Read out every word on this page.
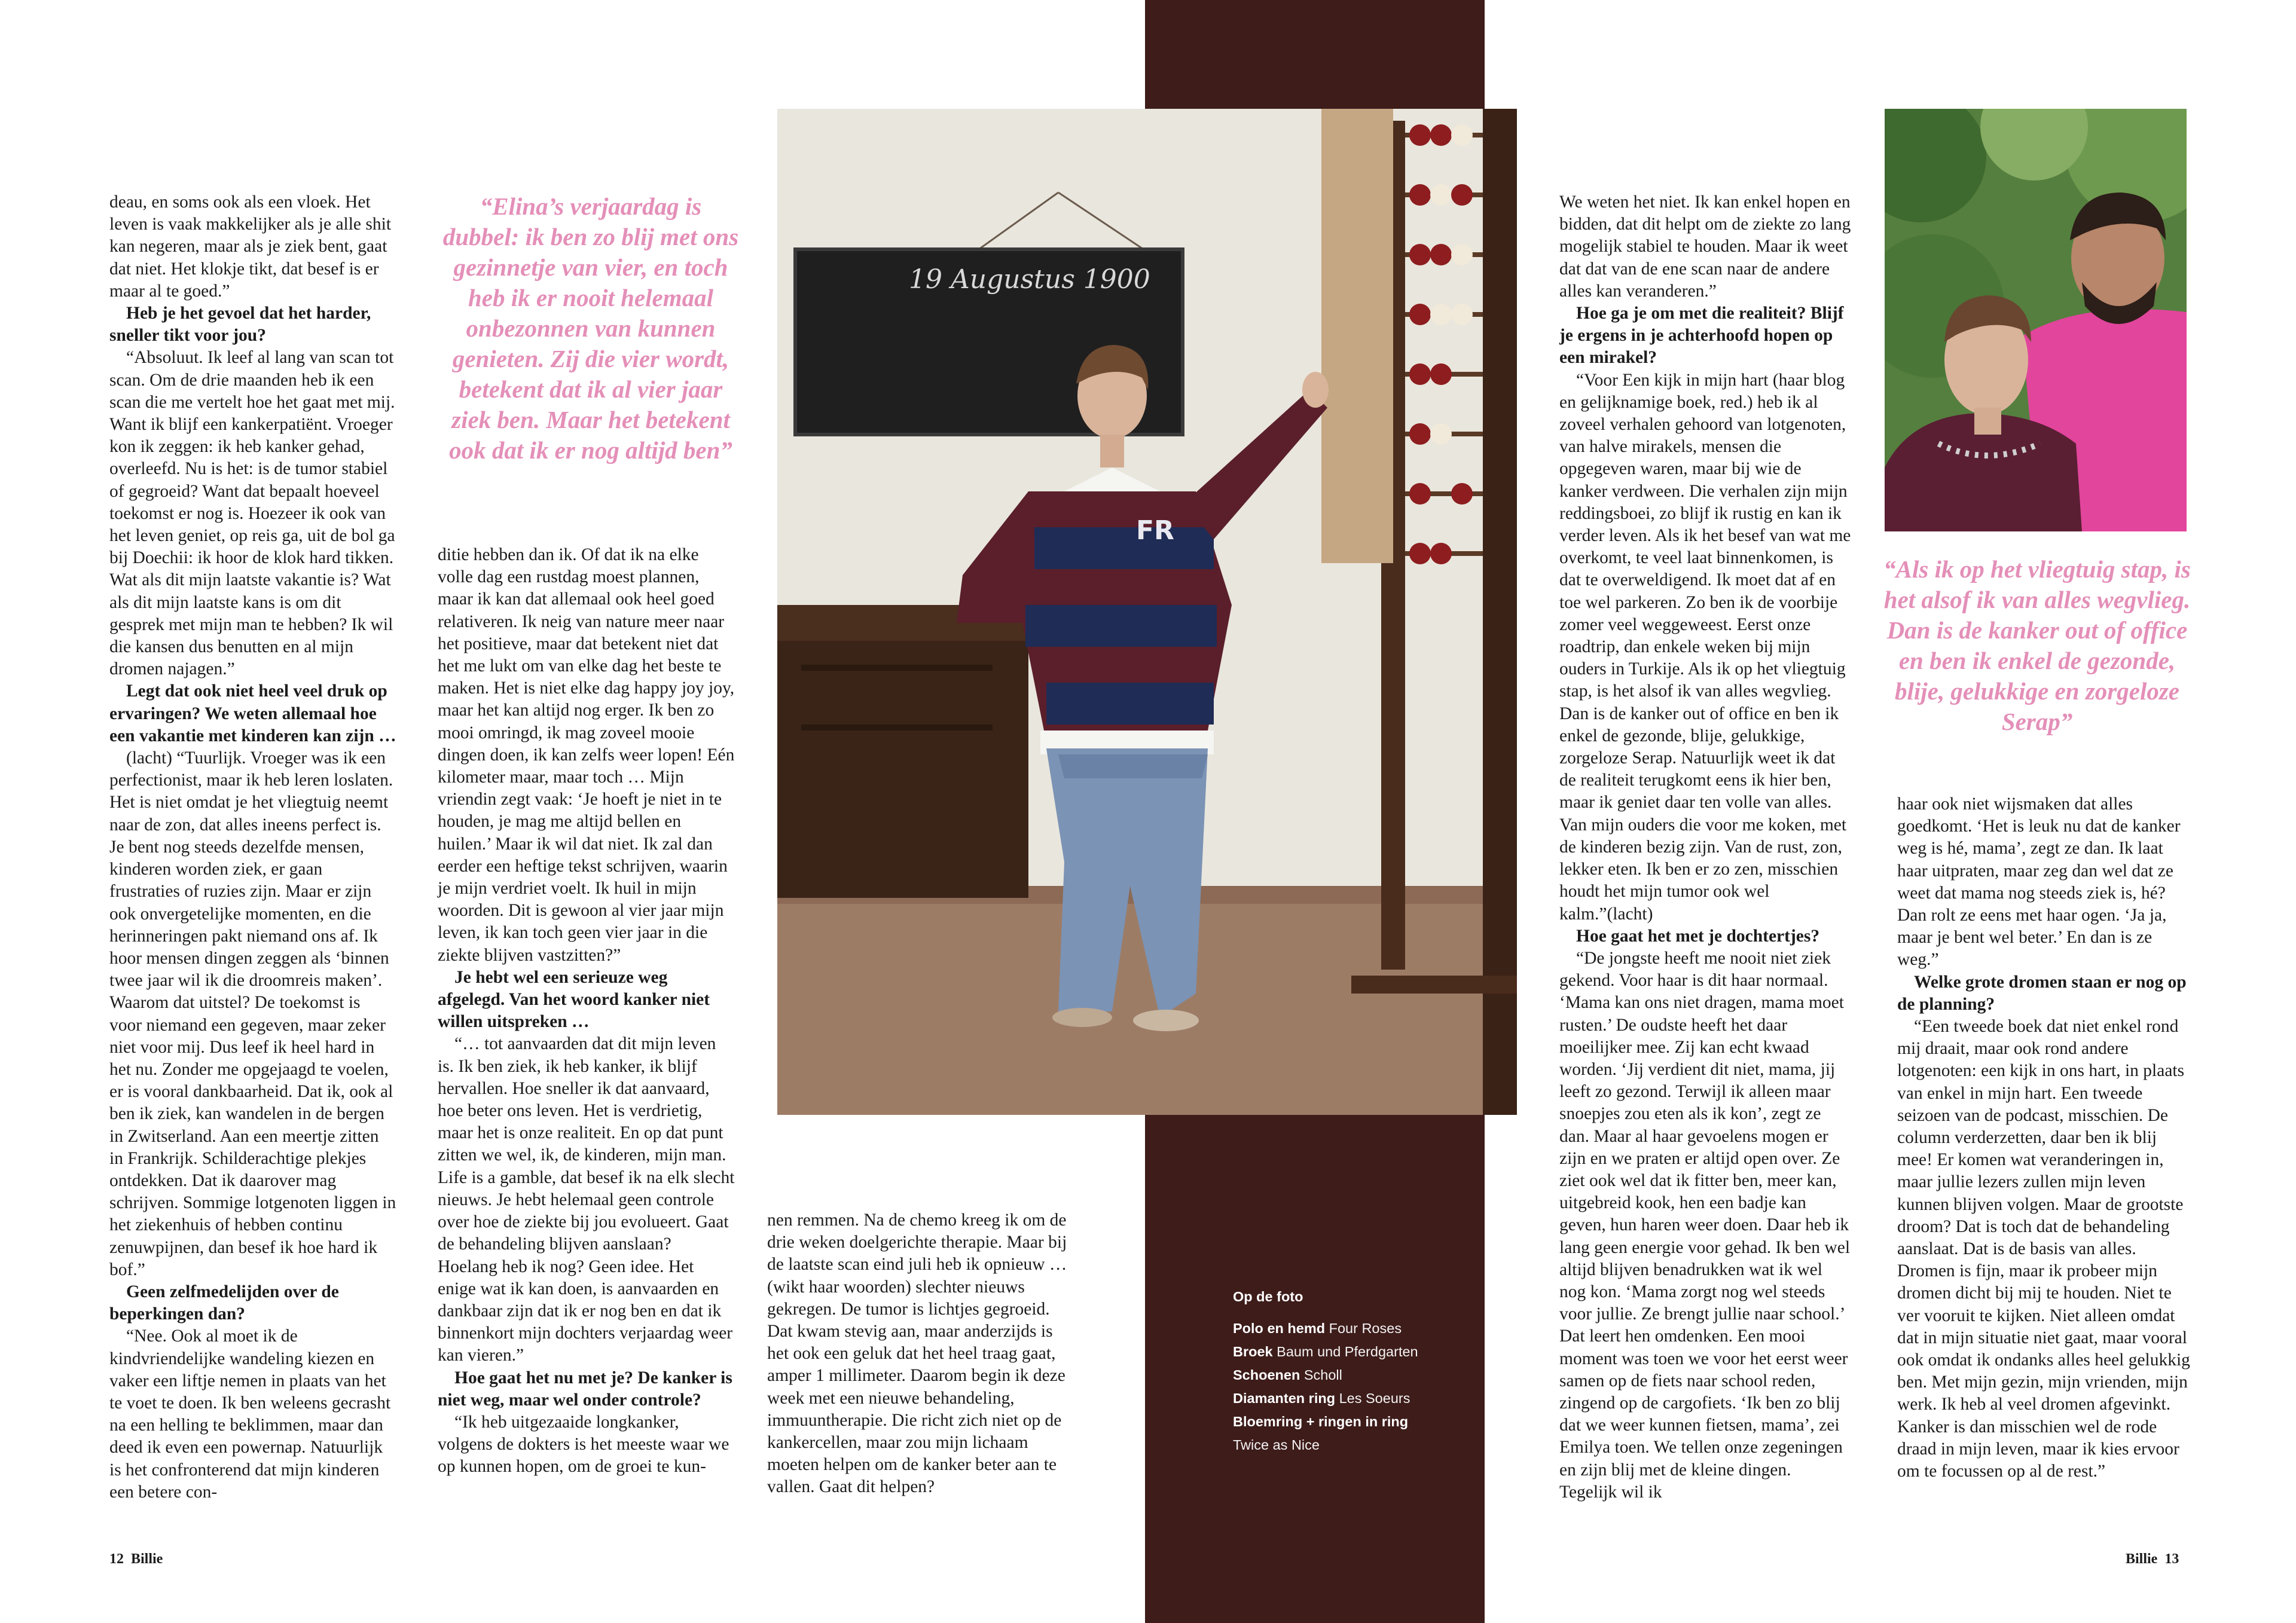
deau, en soms ook als een vloek. Het leven is vaak makkelijker als je alle shit kan negeren, maar als je ziek bent, gaat dat niet. Het klokje tikt, dat besef is er maar al te goed.”

Heb je het gevoel dat het harder, sneller tikt voor jou?

“Absoluut. Ik leef al lang van scan tot scan. Om de drie maanden heb ik een scan die me vertelt hoe het gaat met mij. Want ik blijf een kankerpatiënt. Vroeger kon ik zeggen: ik heb kanker gehad, overleefd. Nu is het: is de tumor stabiel of gegroeid? Want dat bepaalt hoeveel toekomst er nog is. Hoezeer ik ook van het leven geniet, op reis ga, uit de bol ga bij Doechii: ik hoor de klok hard tikken. Wat als dit mijn laatste vakantie is? Wat als dit mijn laatste kans is om dit gesprek met mijn man te hebben? Ik wil die kansen dus benutten en al mijn dromen najagen.”

Legt dat ook niet heel veel druk op ervaringen? We weten allemaal hoe een vakantie met kinderen kan zijn …

(lacht) “Tuurlijk. Vroeger was ik een perfectionist, maar ik heb leren loslaten. Het is niet omdat je het vliegtuig neemt naar de zon, dat alles ineens perfect is. Je bent nog steeds dezelfde mensen, kinderen worden ziek, er gaan frustraties of ruzies zijn. Maar er zijn ook onvergetelijke momenten, en die herinneringen pakt niemand ons af. Ik hoor mensen dingen zeggen als ‘binnen twee jaar wil ik die droomreis maken’. Waarom dat uitstel? De toekomst is voor niemand een gegeven, maar zeker niet voor mij. Dus leef ik heel hard in het nu. Zonder me opgejaagd te voelen, er is vooral dankbaarheid. Dat ik, ook al ben ik ziek, kan wandelen in de bergen in Zwitserland. Aan een meertje zitten in Frankrijk. Schilderachtige plekjes ontdekken. Dat ik daarover mag schrijven. Sommige lotgenoten liggen in het ziekenhuis of hebben continu zenuwpijnen, dan besef ik hoe hard ik bof.”

Geen zelfmedelijden over de beperkingen dan?

“Nee. Ook al moet ik de kindvriendelijke wandeling kiezen en vaker een liftje nemen in plaats van het te voet te doen. Ik ben weleens gecrasht na een helling te beklimmen, maar dan deed ik even een powernap. Natuurlijk is het confronterend dat mijn kinderen een betere con-

“Elina’s verjaardag is dubbel: ik ben zo blij met ons gezinnetje van vier, en toch heb ik er nooit helemaal onbezonnen van kunnen genieten. Zij die vier wordt, betekent dat ik al vier jaar ziek ben. Maar het betekent ook dat ik er nog altijd ben”

ditie hebben dan ik. Of dat ik na elke volle dag een rustdag moest plannen, maar ik kan dat allemaal ook heel goed relativeren. Ik neig van nature meer naar het positieve, maar dat betekent niet dat het me lukt om van elke dag het beste te maken. Het is niet elke dag happy joy joy, maar het kan altijd nog erger. Ik ben zo mooi omringd, ik mag zoveel mooie dingen doen, ik kan zelfs weer lopen! Eén kilometer maar, maar toch … Mijn vriendin zegt vaak: ‘Je hoeft je niet in te houden, je mag me altijd bellen en huilen.’ Maar ik wil dat niet. Ik zal dan eerder een heftige tekst schrijven, waarin je mijn verdriet voelt. Ik huil in mijn woorden. Dit is gewoon al vier jaar mijn leven, ik kan toch geen vier jaar in die ziekte blijven vastzitten?”

Je hebt wel een serieuze weg afgelegd. Van het woord kanker niet willen uitspreken …

“… tot aanvaarden dat dit mijn leven is. Ik ben ziek, ik heb kanker, ik blijf hervallen. Hoe sneller ik dat aanvaard, hoe beter ons leven. Het is verdrietig, maar het is onze realiteit. En op dat punt zitten we wel, ik, de kinderen, mijn man. Life is a gamble, dat besef ik na elk slecht nieuws. Je hebt helemaal geen controle over hoe de ziekte bij jou evolueert. Gaat de behandeling blijven aanslaan? Hoelang heb ik nog? Geen idee. Het enige wat ik kan doen, is aanvaarden en dankbaar zijn dat ik er nog ben en dat ik binnenkort mijn dochters verjaardag weer kan vieren.”

Hoe gaat het nu met je? De kanker is niet weg, maar wel onder controle?

“Ik heb uitgezaaide longkanker, volgens de dokters is het meeste waar we op kunnen hopen, om de groei te kun-

19 Augustus 1900
FR

nen remmen. Na de chemo kreeg ik om de drie weken doelgerichte therapie. Maar bij de laatste scan eind juli heb ik opnieuw … (wikt haar woorden) slechter nieuws gekregen. De tumor is lichtjes gegroeid. Dat kwam stevig aan, maar anderzijds is het ook een geluk dat het heel traag gaat, amper 1 millimeter. Daarom begin ik deze week met een nieuwe behandeling, immuuntherapie. Die richt zich niet op de kankercellen, maar zou mijn lichaam moeten helpen om de kanker beter aan te vallen. Gaat dit helpen?

Op de foto
Polo en hemd Four Roses
Broek Baum und Pferdgarten
Schoenen Scholl
Diamanten ring Les Soeurs
Bloemring + ringen in ring
Twice as Nice

We weten het niet. Ik kan enkel hopen en bidden, dat dit helpt om de ziekte zo lang mogelijk stabiel te houden. Maar ik weet dat dat van de ene scan naar de andere alles kan veranderen.”

Hoe ga je om met die realiteit? Blijf je ergens in je achterhoofd hopen op een mirakel?

“Voor Een kijk in mijn hart (haar blog en gelijknamige boek, red.) heb ik al zoveel verhalen gehoord van lotgenoten, van halve mirakels, mensen die opgegeven waren, maar bij wie de kanker verdween. Die verhalen zijn mijn reddingsboei, zo blijf ik rustig en kan ik verder leven. Als ik het besef van wat me overkomt, te veel laat binnenkomen, is dat te overweldigend. Ik moet dat af en toe wel parkeren. Zo ben ik de voorbije zomer veel weggeweest. Eerst onze roadtrip, dan enkele weken bij mijn ouders in Turkije. Als ik op het vliegtuig stap, is het alsof ik van alles wegvlieg. Dan is de kanker out of office en ben ik enkel de gezonde, blije, gelukkige, zorgeloze Serap. Natuurlijk weet ik dat de realiteit terugkomt eens ik hier ben, maar ik geniet daar ten volle van alles. Van mijn ouders die voor me koken, met de kinderen bezig zijn. Van de rust, zon, lekker eten. Ik ben er zo zen, misschien houdt het mijn tumor ook wel kalm.”(lacht)

Hoe gaat het met je dochtertjes?

“De jongste heeft me nooit niet ziek gekend. Voor haar is dit haar normaal. ‘Mama kan ons niet dragen, mama moet rusten.’ De oudste heeft het daar moeilijker mee. Zij kan echt kwaad worden. ‘Jij verdient dit niet, mama, jij leeft zo gezond. Terwijl ik alleen maar snoepjes zou eten als ik kon’, zegt ze dan. Maar al haar gevoelens mogen er zijn en we praten er altijd open over. Ze ziet ook wel dat ik fitter ben, meer kan, uitgebreid kook, hen een badje kan geven, hun haren weer doen. Daar heb ik lang geen energie voor gehad. Ik ben wel altijd blijven benadrukken wat ik wel nog kon. ‘Mama zorgt nog wel steeds voor jullie. Ze brengt jullie naar school.’ Dat leert hen omdenken. Een mooi moment was toen we voor het eerst weer samen op de fiets naar school reden, zingend op de cargofiets. ‘Ik ben zo blij dat we weer kunnen fietsen, mama’, zei Emilya toen. We tellen onze zegeningen en zijn blij met de kleine dingen. Tegelijk wil ik

“Als ik op het vliegtuig stap, is het alsof ik van alles wegvlieg. Dan is de kanker out of office en ben ik enkel de gezonde, blije, gelukkige en zorgeloze Serap”

haar ook niet wijsmaken dat alles goedkomt. ‘Het is leuk nu dat de kanker weg is hé, mama’, zegt ze dan. Ik laat haar uitpraten, maar zeg dan wel dat ze weet dat mama nog steeds ziek is, hé? Dan rolt ze eens met haar ogen. ‘Ja ja, maar je bent wel beter.’ En dan is ze weg.”

Welke grote dromen staan er nog op de planning?

“Een tweede boek dat niet enkel rond mij draait, maar ook rond andere lotgenoten: een kijk in ons hart, in plaats van enkel in mijn hart. Een tweede seizoen van de podcast, misschien. De column verderzetten, daar ben ik blij mee! Er komen wat veranderingen in, maar jullie lezers zullen mijn leven kunnen blijven volgen. Maar de grootste droom? Dat is toch dat de behandeling aanslaat. Dat is de basis van alles. Dromen is fijn, maar ik probeer mijn dromen dicht bij mij te houden. Niet te ver vooruit te kijken. Niet alleen omdat dat in mijn situatie niet gaat, maar vooral ook omdat ik ondanks alles heel gelukkig ben. Met mijn gezin, mijn vrienden, mijn werk. Ik heb al veel dromen afgevinkt. Kanker is dan misschien wel de rode draad in mijn leven, maar ik kies ervoor om te focussen op al de rest.”

12 Billie	Billie 13
